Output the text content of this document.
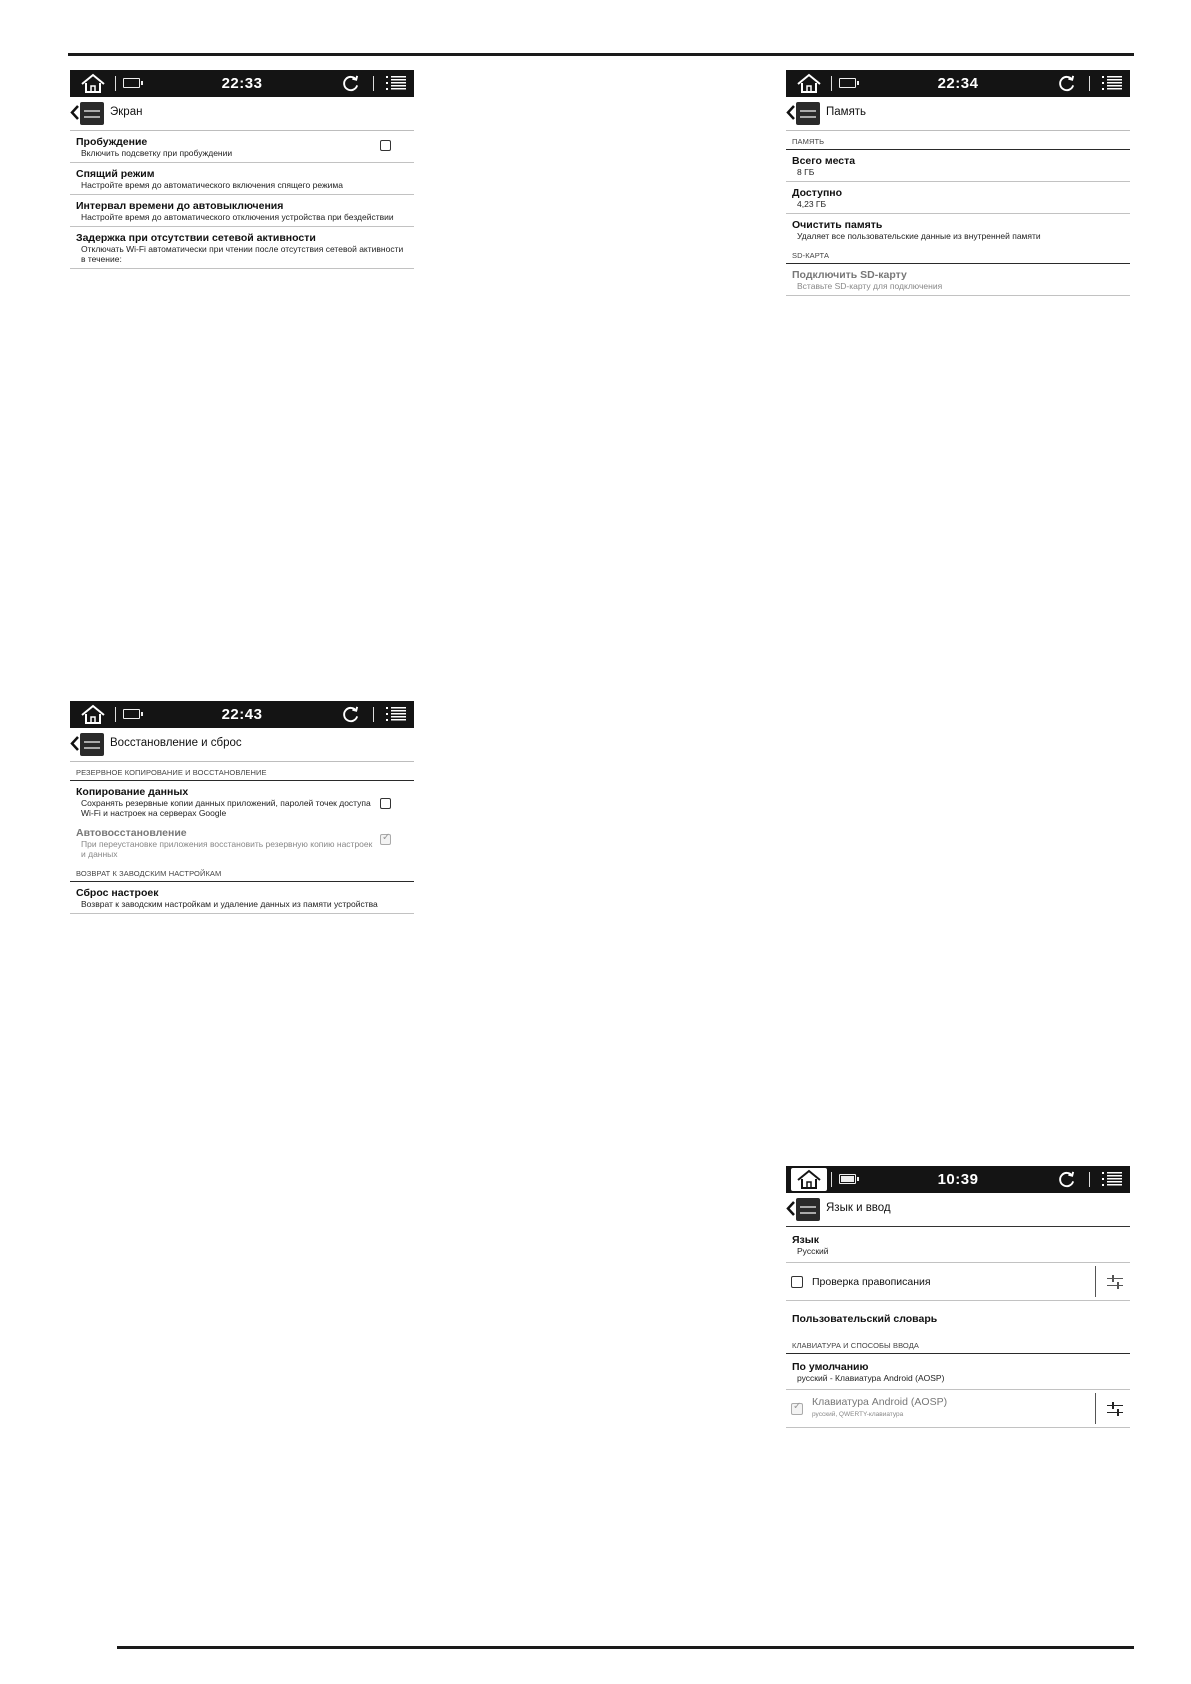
22:33
Экран
Пробуждение
Включить подсветку при пробуждении
Спящий режим
Настройте время до автоматического включения спящего режима
Интервал времени до автовыключения
Настройте время до автоматического отключения устройства при бездействии
Задержка при отсутствии сетевой активности
Отключать Wi-Fi автоматически при чтении после отсутствия сетевой активности в течение:
22:34
Память
ПАМЯТЬ
Всего места
8 ГБ
Доступно
4,23 ГБ
Очистить память
Удаляет все пользовательские данные из внутренней памяти
SD-КАРТА
Подключить SD-карту
Вставьте SD-карту для подключения
22:43
Восстановление и сброс
РЕЗЕРВНОЕ КОПИРОВАНИЕ И ВОССТАНОВЛЕНИЕ
Копирование данных
Сохранять резервные копии данных приложений, паролей точек доступа Wi-Fi и настроек на серверах Google
Автовосстановление
При переустановке приложения восстановить резервную копию настроек и данных
✓
ВОЗВРАТ К ЗАВОДСКИМ НАСТРОЙКАМ
Сброс настроек
Возврат к заводским настройкам и удаление данных из памяти устройства
10:39
Язык и ввод
Язык
Русский
Проверка правописания
Пользовательский словарь
КЛАВИАТУРА И СПОСОБЫ ВВОДА
По умолчанию
русский - Клавиатура Android (AOSP)
✓
Клавиатура Android (AOSP)
русский, QWERTY-клавиатура
